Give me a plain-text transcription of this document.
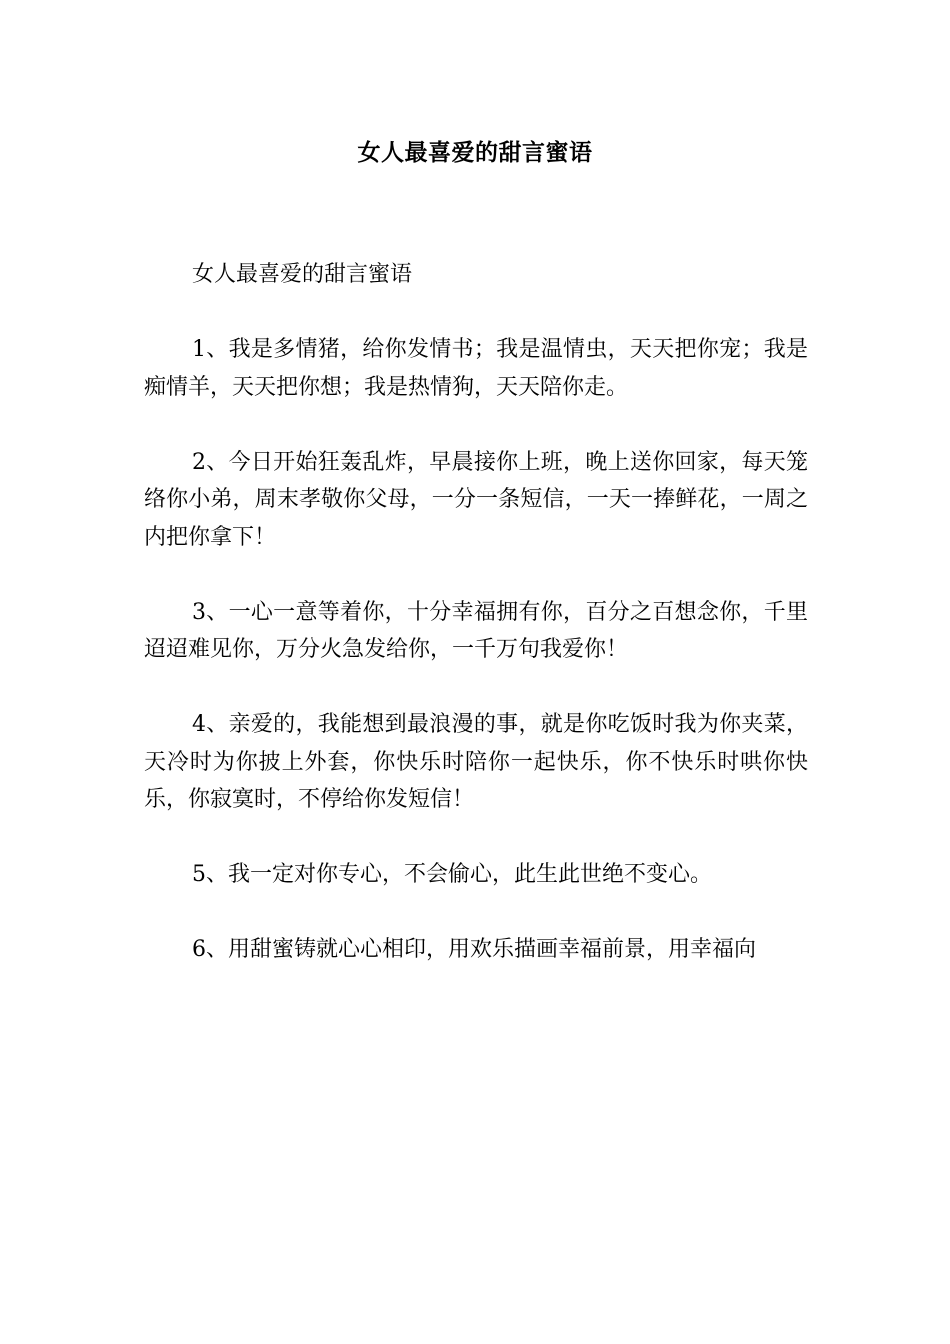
女人最喜爱的甜言蜜语

女人最喜爱的甜言蜜语

1、我是多情猪，给你发情书；我是温情虫，天天把你宠；我是痴情羊，天天把你想；我是热情狗，天天陪你走。

2、今日开始狂轰乱炸，早晨接你上班，晚上送你回家，每天笼络你小弟，周末孝敬你父母，一分一条短信，一天一捧鲜花，一周之内把你拿下！

3、一心一意等着你，十分幸福拥有你，百分之百想念你，千里迢迢难见你，万分火急发给你，一千万句我爱你！

4、亲爱的，我能想到最浪漫的事，就是你吃饭时我为你夹菜，天冷时为你披上外套，你快乐时陪你一起快乐，你不快乐时哄你快乐，你寂寞时，不停给你发短信！

5、我一定对你专心，不会偷心，此生此世绝不变心。

6、用甜蜜铸就心心相印，用欢乐描画幸福前景，用幸福向
